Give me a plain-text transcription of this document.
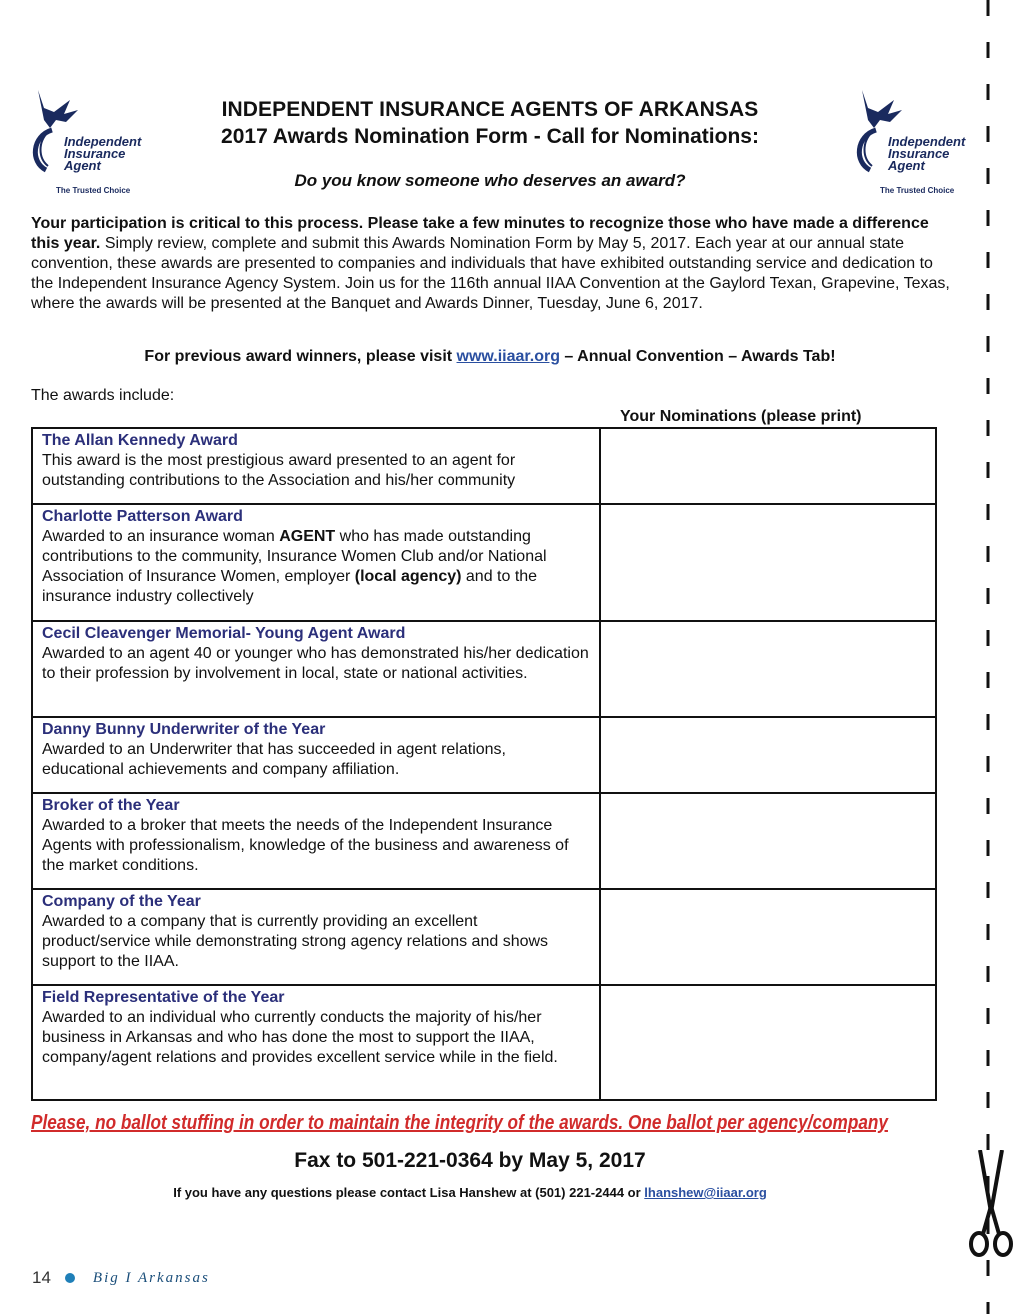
Independent
Insurance
Agent
The Trusted Choice
Independent
Insurance
Agent
The Trusted Choice
INDEPENDENT INSURANCE AGENTS OF ARKANSAS
2017 Awards Nomination Form - Call for Nominations:
Do you know someone who deserves an award?
Your participation is critical to this process. Please take a few minutes to recognize those who have made a difference this year. Simply review, complete and submit this Awards Nomination Form by May 5, 2017. Each year at our annual state convention, these awards are presented to companies and individuals that have exhibited outstanding service and dedication to the Independent Insurance Agency System. Join us for the 116th annual IIAA Convention at the Gaylord Texan, Grapevine, Texas, where the awards will be presented at the Banquet and Awards Dinner, Tuesday, June 6, 2017.
For previous award winners, please visit www.iiaar.org – Annual Convention – Awards Tab!
The awards include:
Your Nominations (please print)
The Allan Kennedy Award
This award is the most prestigious award presented to an agent for outstanding contributions to the Association and his/her community	

Charlotte Patterson Award
Awarded to an insurance woman AGENT who has made outstanding contributions to the community, Insurance Women Club and/or National Association of Insurance Women, employer (local agency) and to the insurance industry collectively	

Cecil Cleavenger Memorial- Young Agent Award
Awarded to an agent 40 or younger who has demonstrated his/her dedication to their profession by involvement in local, state or national activities.	

Danny Bunny Underwriter of the Year
Awarded to an Underwriter that has succeeded in agent relations, educational achievements and company affiliation.	

Broker of the Year
Awarded to a broker that meets the needs of the Independent Insurance Agents with professionalism, knowledge of the business and awareness of the market conditions.	

Company of the Year
Awarded to a company that is currently providing an excellent product/service while demonstrating strong agency relations and shows support to the IIAA.	

Field Representative of the Year
Awarded to an individual who currently conducts the majority of his/her business in Arkansas and who has done the most to support the IIAA, company/agent relations and provides excellent service while in the field.	

Please, no ballot stuffing in order to maintain the integrity of the awards. One ballot per agency/company
Fax to 501-221-0364 by May 5, 2017
If you have any questions please contact Lisa Hanshew at (501) 221-2444 or lhanshew@iiaar.org
14	Big I Arkansas
